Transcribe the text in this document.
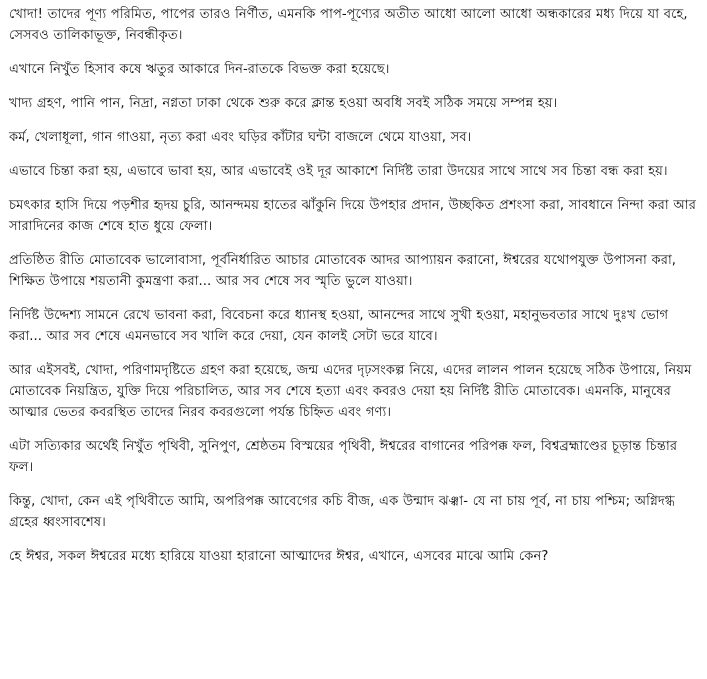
খোদা! তাদের পূণ্য পরিমিত, পাপের তারও নির্ণীত, এমনকি পাপ-পূণ্যের অতীত আধো আলো আধো অন্ধকারের মধ্য দিয়ে যা বহে, সেসবও তালিকাভূক্ত, নিবন্ধীকৃত।

এখানে নিখুঁত হিসাব কষে ঋতুর আকারে দিন-রাতকে বিভক্ত করা হয়েছে।

খাদ্য গ্রহণ, পানি পান, নিদ্রা, নগ্নতা ঢাকা থেকে শুরু করে ক্লান্ত হওয়া অবধি সবই সঠিক সময়ে সম্পন্ন হয়।

কর্ম, খেলাধূলা, গান গাওয়া, নৃত্য করা এবং ঘড়ির কাঁটার ঘন্টা বাজলে থেমে যাওয়া, সব।

এভাবে চিন্তা করা হয়, এভাবে ভাবা হয়, আর এভাবেই ওই দূর আকাশে নির্দিষ্ট তারা উদয়ের সাথে সাথে সব চিন্তা বন্ধ করা হয়।

চমৎকার হাসি দিয়ে পড়শীর হৃদয় চুরি, আনন্দময় হাতের ঝাঁকুনি দিয়ে উপহার প্রদান, উচ্ছকিত প্রশংসা করা, সাবধানে নিন্দা করা আর সারাদিনের কাজ শেষে হাত ধুয়ে ফেলা।

প্রতিষ্ঠিত রীতি মোতাবেক ভালোবাসা, পূর্বনির্ধারিত আচার মোতাবেক আদর আপ্যায়ন করানো, ঈশ্বরের যথোপযুক্ত উপাসনা করা, শিক্ষিত উপায়ে শয়তানী কুমন্ত্রণা করা... আর সব শেষে সব স্মৃতি ভুলে যাওয়া।

নির্দিষ্ট উদ্দেশ্য সামনে রেখে ভাবনা করা, বিবেচনা করে ধ্যানস্থ হওয়া, আনন্দের সাথে সুখী হওয়া, মহানুভবতার সাথে দুঃখ ভোগ করা... আর সব শেষে এমনভাবে সব খালি করে দেয়া, যেন কালই সেটা ভরে যাবে।

আর এইসবই, খোদা, পরিণামদৃষ্টিতে গ্রহণ করা হয়েছে, জন্ম এদের দৃঢ়সংকল্প নিয়ে, এদের লালন পালন হয়েছে সঠিক উপায়ে, নিয়ম মোতাবেক নিয়ন্ত্রিত, যুক্তি দিয়ে পরিচালিত, আর সব শেষে হত্যা এবং কবরও দেয়া হয় নির্দিষ্ট রীতি মোতাবেক। এমনকি, মানুষের আত্মার ভেতর কবরস্থিত তাদের নিরব কবরগুলো পর্যন্ত চিহ্নিত এবং গণ্য।

এটা সত্যিকার অর্থেই নিখুঁত পৃথিবী, সুনিপুণ, শ্রেষ্ঠতম বিস্ময়ের পৃথিবী, ঈশ্বরের বাগানের পরিপক্ক ফল, বিশ্বব্রহ্মাণ্ডের চূড়ান্ত চিন্তার ফল।

কিন্তু, খোদা, কেন এই পৃথিবীতে আমি, অপরিপক্ক আবেগের কচি বীজ, এক উন্মাদ ঝঞ্ঝা- যে না চায় পূর্ব, না চায় পশ্চিম; অগ্নিদগ্ধ গ্রহের ধ্বংসাবশেষ।

হে ঈশ্বর, সকল ঈশ্বরের মধ্যে হারিয়ে যাওয়া হারানো আত্মাদের ঈশ্বর, এখানে, এসবের মাঝে আমি কেন?
